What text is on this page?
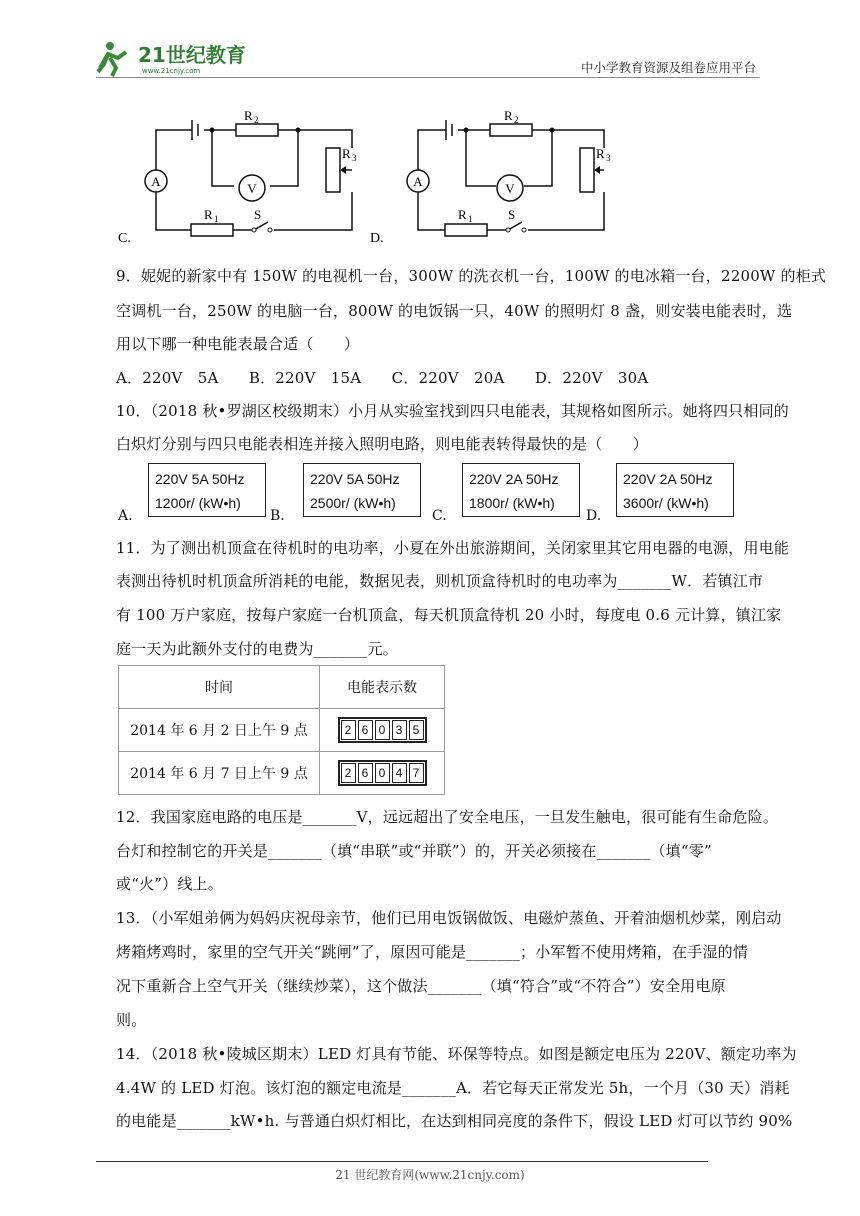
21世纪教育
www.21cnjy.com	中小学教育资源及组卷应用平台
A	V
R 2
R 3
R 1	S
C.
A	V
R 2
R 3
R 1	S
D.
9．妮妮的新家中有 150W 的电视机一台，300W 的洗衣机一台，100W 的电冰箱一台，2200W 的柜式
空调机一台，250W 的电脑一台，800W 的电饭锅一只，40W 的照明灯 8 盏，则安装电能表时，选
用以下哪一种电能表最合适（　　）
A．220V　5A　　B．220V　15A　　C．220V　20A　　D．220V　30A
10．（2018 秋•罗湖区校级期末）小月从实验室找到四只电能表，其规格如图所示。她将四只相同的
白炽灯分别与四只电能表相连并接入照明电路，则电能表转得最快的是（　　）
A.
220V 5A 50Hz
1200r/ (kW•h)
B.
220V 5A 50Hz
2500r/ (kW•h)
C.
220V 2A 50Hz
1800r/ (kW•h)
D.
220V 2A 50Hz
3600r/ (kW•h)
11．为了测出机顶盒在待机时的电功率，小夏在外出旅游期间，关闭家里其它用电器的电源，用电能
表测出待机时机顶盒所消耗的电能，数据见表，则机顶盒待机时的电功率为_______W．若镇江市
有 100 万户家庭，按每户家庭一台机顶盒，每天机顶盒待机 20 小时，每度电 0.6 元计算，镇江家
庭一天为此额外支付的电费为_______元。
时间	电能表示数
2014 年 6 月 2 日上午 9 点	2 6 0 3 5

2014 年 6 月 7 日上午 9 点	2 6 0 4 7
12．我国家庭电路的电压是_______V，远远超出了安全电压，一旦发生触电，很可能有生命危险。
台灯和控制它的开关是_______（填“串联”或“并联”）的，开关必须接在_______（填“零”
或“火”）线上。
13．（小军姐弟俩为妈妈庆祝母亲节，他们已用电饭锅做饭、电磁炉蒸鱼、开着油烟机炒菜，刚启动
烤箱烤鸡时，家里的空气开关“跳闸”了，原因可能是_______；小军暂不使用烤箱，在手湿的情
况下重新合上空气开关（继续炒菜），这个做法_______（填“符合”或“不符合”）安全用电原
则。
14．（2018 秋•陵城区期末）LED 灯具有节能、环保等特点。如图是额定电压为 220V、额定功率为
4.4W 的 LED 灯泡。该灯泡的额定电流是_______A．若它每天正常发光 5h，一个月（30 天）消耗
的电能是_______kW•h. 与普通白炽灯相比，在达到相同亮度的条件下，假设 LED 灯可以节约 90%
21 世纪教育网(www.21cnjy.com)
